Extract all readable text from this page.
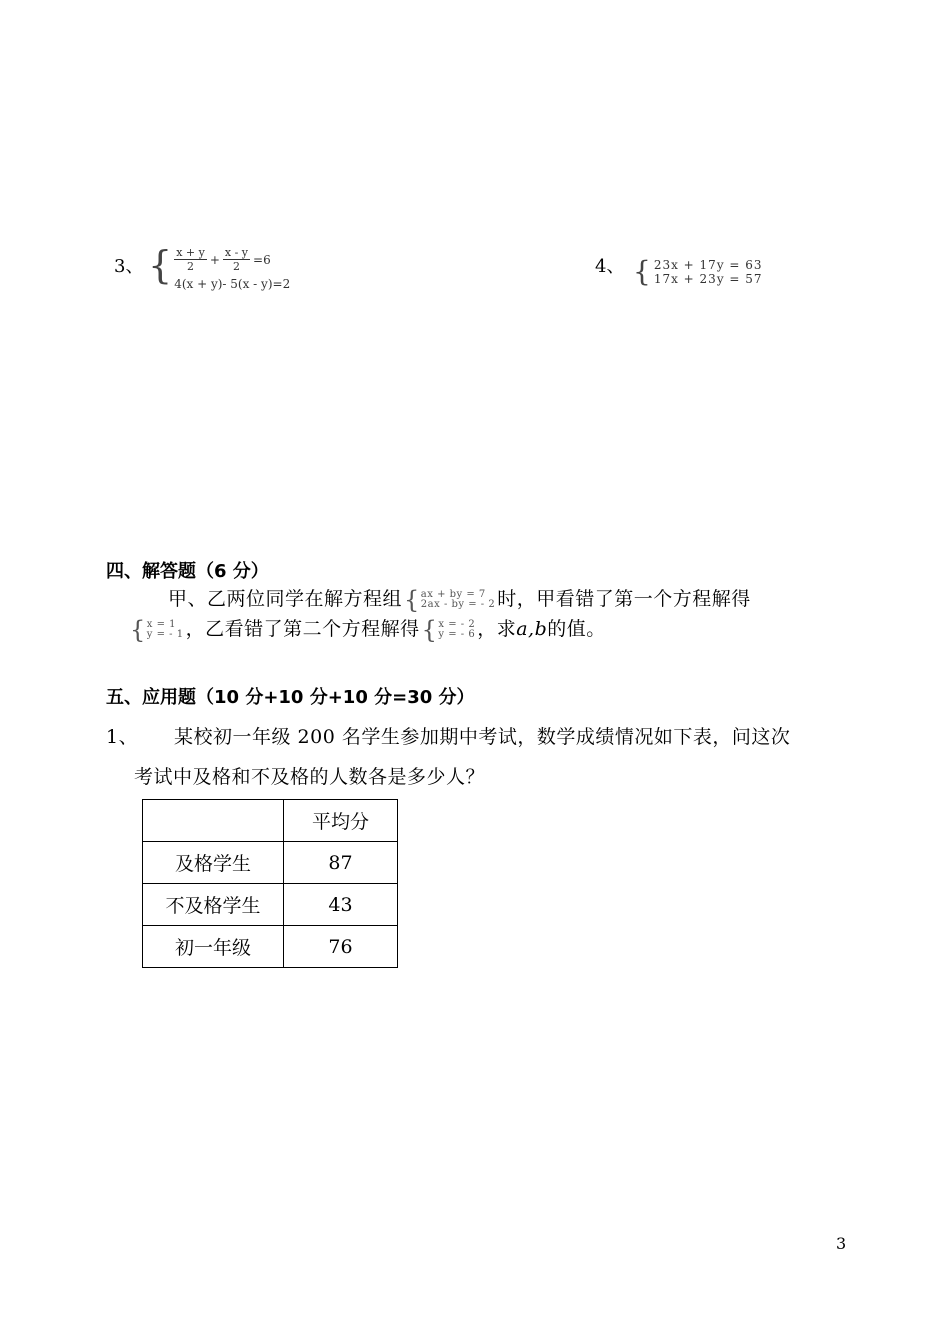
3、 { $\frac{x + y}{2} + \frac{x - y}{2} =6$
4(x + y)- 5(x - y)=2
4、 { 23x + 17y = 63
17x + 23y = 57
四、解答题（6 分）
甲、乙两位同学在解方程组 { ax + by = 7
2ax - by = - 2 时，甲看错了第一个方程解得
{ x = 1
y = - 1 ，乙看错了第二个方程解得 { x = - 2
y = - 6 ，求a,b的值。
五、应用题（10 分+10 分+10 分=30 分）
1、 某校初一年级 200 名学生参加期中考试，数学成绩情况如下表，问这次
考试中及格和不及格的人数各是多少人？
	平均分
及格学生	87
不及格学生	43
初一年级	76
3
